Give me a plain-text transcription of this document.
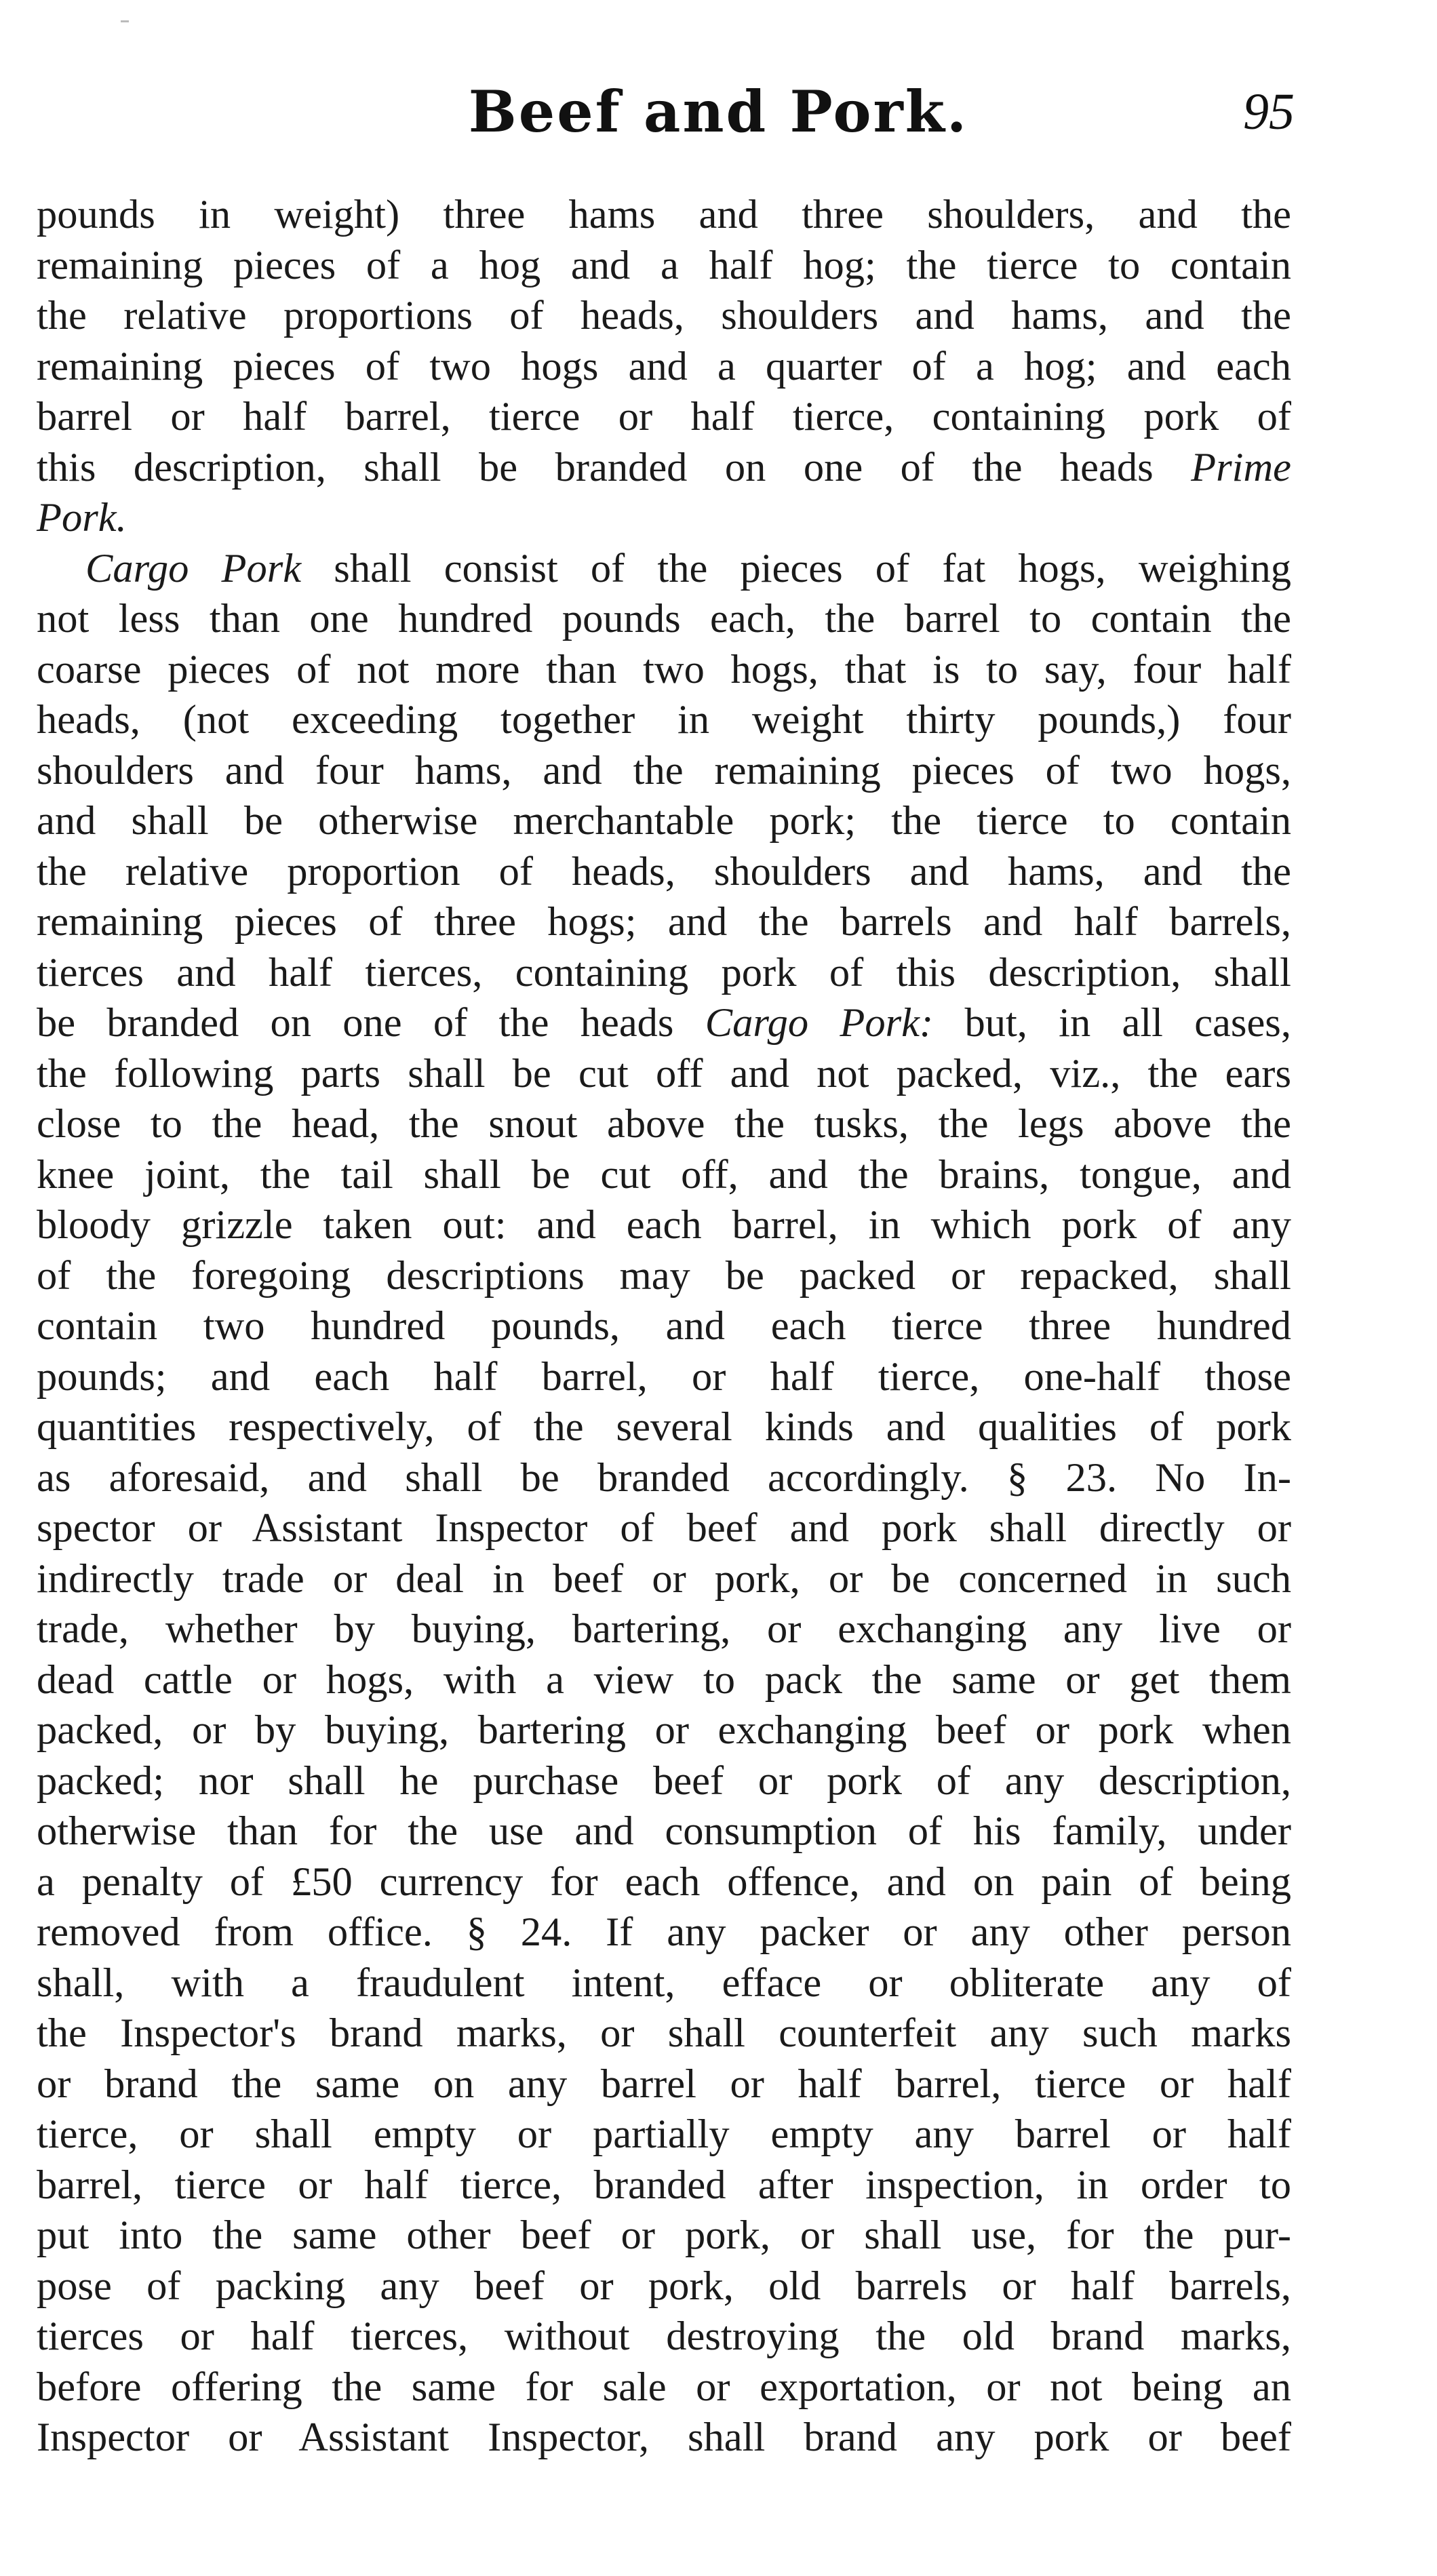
Beef and Pork.	95
pounds in weight) three hams and three shoulders, and the
remaining pieces of a hog and a half hog; the tierce to contain
the relative proportions of heads, shoulders and hams, and the
remaining pieces of two hogs and a quarter of a hog; and each
barrel or half barrel, tierce or half tierce, containing pork of
this description, shall be branded on one of the heads Prime
Pork.
Cargo Pork shall consist of the pieces of fat hogs, weighing
not less than one hundred pounds each, the barrel to contain the
coarse pieces of not more than two hogs, that is to say, four half
heads, (not exceeding together in weight thirty pounds,) four
shoulders and four hams, and the remaining pieces of two hogs,
and shall be otherwise merchantable pork; the tierce to contain
the relative proportion of heads, shoulders and hams, and the
remaining pieces of three hogs; and the barrels and half barrels,
tierces and half tierces, containing pork of this description, shall
be branded on one of the heads Cargo Pork: but, in all cases,
the following parts shall be cut off and not packed, viz., the ears
close to the head, the snout above the tusks, the legs above the
knee joint, the tail shall be cut off, and the brains, tongue, and
bloody grizzle taken out: and each barrel, in which pork of any
of the foregoing descriptions may be packed or repacked, shall
contain two hundred pounds, and each tierce three hundred
pounds; and each half barrel, or half tierce, one-half those
quantities respectively, of the several kinds and qualities of pork
as aforesaid, and shall be branded accordingly. § 23. No In-
spector or Assistant Inspector of beef and pork shall directly or
indirectly trade or deal in beef or pork, or be concerned in such
trade, whether by buying, bartering, or exchanging any live or
dead cattle or hogs, with a view to pack the same or get them
packed, or by buying, bartering or exchanging beef or pork when
packed; nor shall he purchase beef or pork of any description,
otherwise than for the use and consumption of his family, under
a penalty of £50 currency for each offence, and on pain of being
removed from office. § 24. If any packer or any other person
shall, with a fraudulent intent, efface or obliterate any of
the Inspector's brand marks, or shall counterfeit any such marks
or brand the same on any barrel or half barrel, tierce or half
tierce, or shall empty or partially empty any barrel or half
barrel, tierce or half tierce, branded after inspection, in order to
put into the same other beef or pork, or shall use, for the pur-
pose of packing any beef or pork, old barrels or half barrels,
tierces or half tierces, without destroying the old brand marks,
before offering the same for sale or exportation, or not being an
Inspector or Assistant Inspector, shall brand any pork or beef
